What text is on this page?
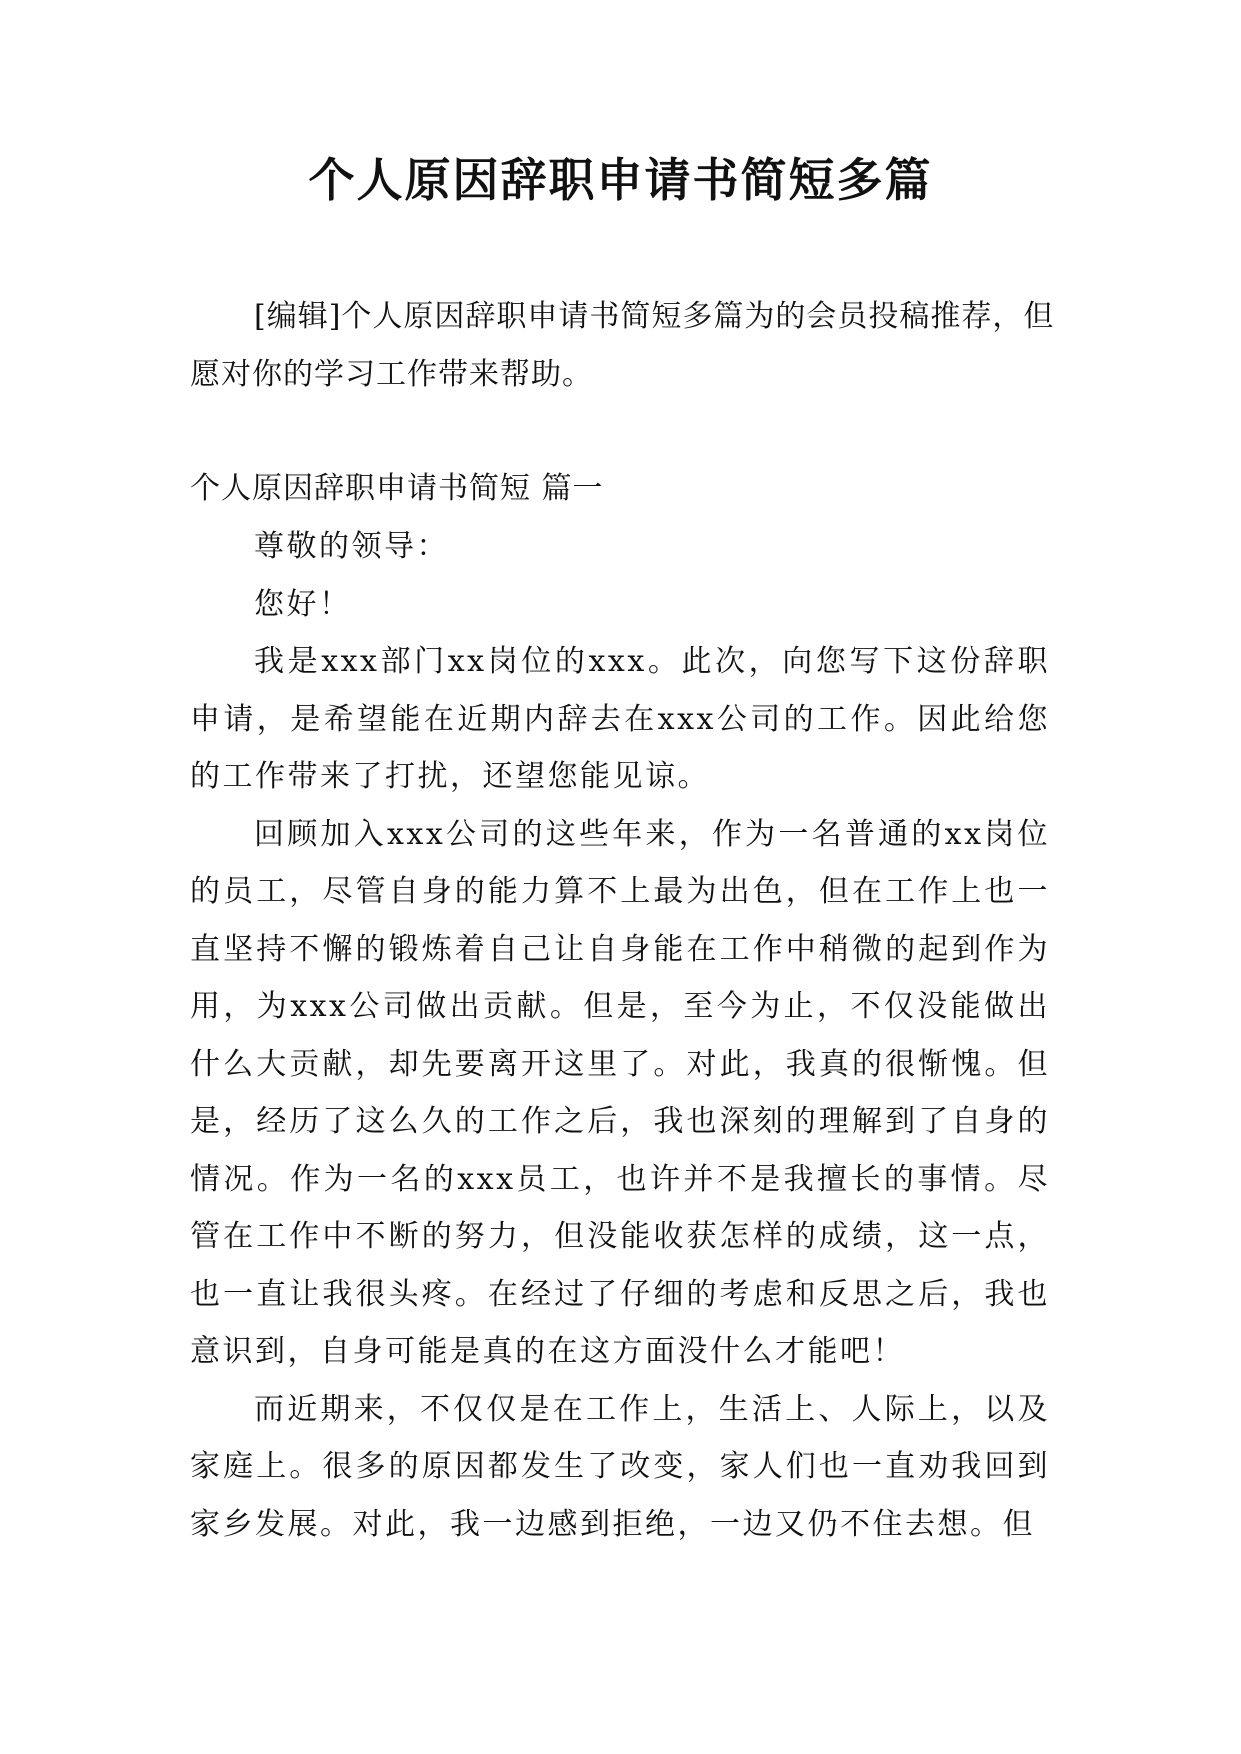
个人原因辞职申请书简短多篇

[编辑]个人原因辞职申请书简短多篇为的会员投稿推荐，但愿对你的学习工作带来帮助。

个人原因辞职申请书简短 篇一

尊敬的领导：

您好！

我是xxx部门xx岗位的xxx。此次，向您写下这份辞职申请，是希望能在近期内辞去在xxx公司的工作。因此给您的工作带来了打扰，还望您能见谅。

回顾加入xxx公司的这些年来，作为一名普通的xx岗位的员工，尽管自身的能力算不上最为出色，但在工作上也一直坚持不懈的锻炼着自己让自身能在工作中稍微的起到作为用，为xxx公司做出贡献。但是，至今为止，不仅没能做出什么大贡献，却先要离开这里了。对此，我真的很惭愧。但是，经历了这么久的工作之后，我也深刻的理解到了自身的情况。作为一名的xxx员工，也许并不是我擅长的事情。尽管在工作中不断的努力，但没能收获怎样的成绩，这一点，也一直让我很头疼。在经过了仔细的考虑和反思之后，我也意识到，自身可能是真的在这方面没什么才能吧！

而近期来，不仅仅是在工作上，生活上、人际上，以及家庭上。很多的原因都发生了改变，家人们也一直劝我回到家乡发展。对此，我一边感到拒绝，一边又仍不住去想。但
